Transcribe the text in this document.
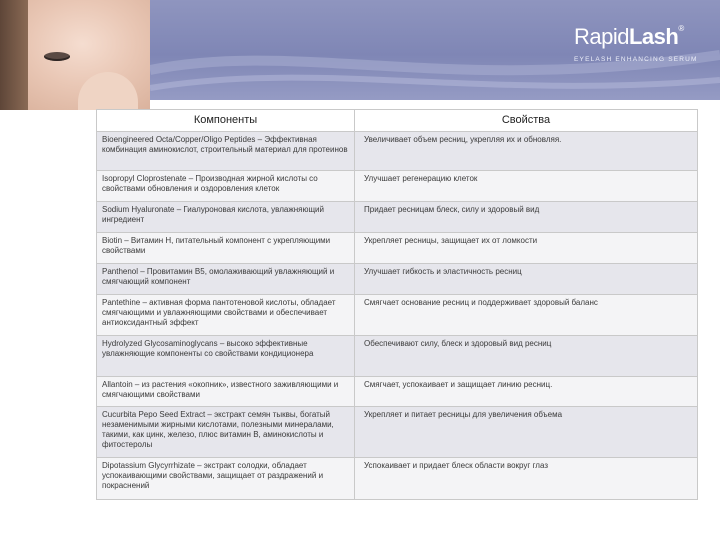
RapidLash®
EYELASH ENHANCING SERUM
Компоненты	Свойства
Bioengineered Octa/Copper/Oligo Peptides – Эффективная комбинация аминокислот, строительный материал для протеинов	Увеличивает объем ресниц, укрепляя их и обновляя.
Isopropyl Cloprostenate – Производная жирной кислоты со свойствами обновления и оздоровления клеток	Улучшает регенерацию клеток
Sodium Hyaluronate – Гиалуроновая кислота, увлажняющий ингредиент	Придает ресницам блеск, силу и здоровый вид
Biotin – Витамин H, питательный компонент с укрепляющими свойствами	Укрепляет ресницы, защищает их от ломкости
Panthenol – Провитамин B5, омолаживающий увлажняющий и смягчающий компонент	Улучшает гибкость и эластичность ресниц
Pantethine – активная форма пантотеновой кислоты, обладает смягчающими и увлажняющими свойствами и обеспечивает антиоксидантный эффект	Смягчает основание ресниц и поддерживает здоровый баланс
Hydrolyzed Glycosaminoglycans – высоко эффективные увлажняющие компоненты со свойствами кондиционера	Обеспечивают силу, блеск и здоровый вид ресниц
Allantoin – из растения «окопник», известного заживляющими и смягчающими свойствами	Смягчает, успокаивает и защищает линию ресниц.
Cucurbita Pepo Seed Extract – экстракт семян тыквы, богатый незаменимыми жирными кислотами, полезными минералами, такими, как цинк, железо, плюс витамин B, аминокислоты и фитостеролы	Укрепляет и питает ресницы для увеличения объема
Dipotassium Glycyrrhizate – экстракт солодки, обладает успокаивающими свойствами, защищает от раздражений и покраснений	Успокаивает и придает блеск области вокруг глаз
